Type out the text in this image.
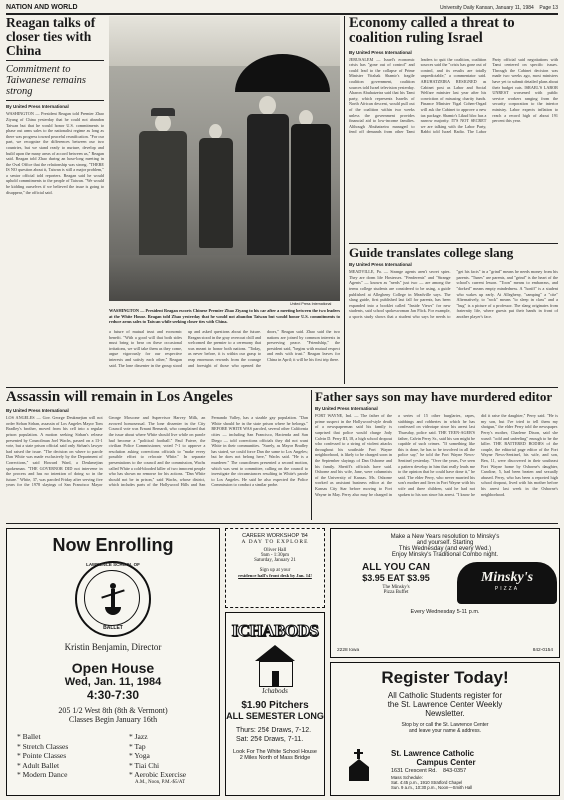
NATION AND WORLD	University Daily Kansan, January 11, 1984 Page 13
Reagan talks of closer ties with China
Commitment to Taiwanese remains strong
By United Press International
WASHINGTON — President Reagan told Premier Zhao Ziyang of China yesterday that he could not abandon Taiwan but that he would honor U.S. commitments to phase out arms sales to the nationalist regime as long as there was progress toward peaceful reunification. "For our part, we recognize the differences between our two countries, but we stand ready to nurture, develop and build upon the many areas of accord between us," Reagan said. Reagan told Zhao during an hour-long meeting in the Oval Office that the relationship was strong. "THERE IS NO question about it, Taiwan is still a major problem," a senior official told reporters. Reagan said he would uphold commitments to the people of Taiwan. "We would be kidding ourselves if we believed the issue is going to disappear," the official said.
United Press International
WASHINGTON — President Reagan escorts Chinese Premier Zhao Ziyang to his car after a meeting between the two leaders at the White House. Reagan told Zhao yesterday that he would not abandon Taiwan but would honor U.S. commitments to reduce arms sales to Taiwan while seeking closer ties with China.
a future of mutual trust and economic benefit. "With a good will that both sides must bring to bear on these occasional irritations, we will take them as they come, argue vigorously for our respective interests and satisfy each other," Reagan said. The lone dissenter in the group stood up and asked questions about the future. Reagan stood in the gray overcoat chill and welcomed the premier to a ceremony that was meant to honor both nations. "Today, as never before, it is within our grasp to reap enormous rewards from the courage and foresight of those who opened the doors," Reagan said. Zhao said the two nations are joined by common interests in preserving peace. "Friendship," the president said, "begins with mutual respect and ends with trust." Reagan leaves for China in April; it will be his first trip there.
Economy called a threat to coalition ruling Israel
By United Press International
JERUSALEM — Israel's economic crisis has "gone out of control" and could lead to the collapse of Prime Minister Yitzhak Shamir's fragile coalition government, coalition sources told Israel television yesterday. Aharon Abuhatzeira said that his Tami party, which represents Israelis of North African descent, would pull out of the coalition within two weeks unless the government provides financial aid to low-income families. Although Abuhatzeira managed to fend off demands from other Tami leaders to quit the coalition, coalition sources said the "crisis has gone out of control, and its results are totally unpredictable," a commentator said. ABUHATZEIRA RESIGNED as Cabinet post as Labor and Social Welfare minister last year after his conviction of misusing charity funds. Finance Minister Yigal Cohen-Orgad will ask the Cabinet to approve a new tax package. Shamir's Likud bloc has a narrow majority. IT'S NOT SECRET we are talking with the Labor Party, Rabbi told Israel Radio. The Labor Party official said negotiations with Tami centered on specific issues. Through the Cabinet decision was made two weeks ago, most ministers have yet to submit detailed plans about their budget cuts. ISRAEL'S LABOR UNREST worsened with public service workers ranging from the security corporation to the interior ministry. Labor expects inflation to reach a record high of about 191 percent this year.
Guide translates college slang
By United Press International
MEADVILLE, Pa. — Strange agents aren't secret spies. They are dorm life Hostesses. "Fenderents" and "Strange Agents" — known as "nerds" just two — are among the terms college students are considered to be using, a guide published at Allegheny College in Meadville says. The slang guide, first published last fall for parents, has been expanded into a booklet called "Inside Views" for new students, said school spokeswoman Jan Flick. For example, a sports study shows that a student who says he needs to "get his facts" in a "grind" means he needs money from his parents. "Tunes" are parents, and "grind" is the heart of the school's current lesson. "Toon" means to embarrass, and "dorked" means empty mindedness. A "horiff" is a student who wakes up early. At Allegheny, "camping" a "cite" Alternatively, to "rock" means "to sleep in class" and a "bug" is a picture of a professor. The slang originates from fraternity life, where guests put their hands in front of another player's face.
Assassin will remain in Los Angeles
By United Press International
LOS ANGELES — Gov. George Deukmejian will not order Sirhan Sirhan, assassin of Los Angeles Mayor Tom Bradley's brother, moved from his cell into a regular prison population. A motion seeking Sirhan's release presented by Councilman Joel Wachs, passed on a 13-1 vote, but a state prison official said only Sirhan's lawyer had raised the issue. "The decision on where to parole Dan White was made exclusively by the Department of Corrections," said Howard Ward, a Deukmejian spokesman. "THE GOVERNOR DID not intervene in the process and has no intention of doing so in the future." White, 37, was paroled Friday after serving five years for the 1978 slayings of San Francisco Mayor George Moscone and Supervisor Harvey Milk, an avowed homosexual. The lone dissenter in the City Council vote was Ernani Bernardi, who complained that the issue about where White should live while on parole had become a "political football." Paul Faivre, the civilian Police Commissioner, voted 7-1 to approve a resolution asking corrections officials to "make every possible effort to relocate White." In separate presentations to the council and the commission, Wachs called White a cold-blooded killer of two innocent people who has shown no remorse for his actions. "Dan White should not be in prison," said Wachs, whose district, which includes parts of the Hollywood Hills and San Fernando Valley, has a sizable gay population. "Dan White should be in the state prison where he belongs." BEFORE WHITE WAS paroled, several other California cities — including San Francisco, Hacienda and San Diego — told corrections officials they did not want White in their communities. "Surely, as Mayor Bradley has stated, we could force Dan the same to Los Angeles; but he does not belong here," Wachs said. "He is a murderer." The councilmen presented a second motion, which was sent to committee, calling on the council to investigate the circumstances resulting in White's parole to Los Angeles. He said he also expected the Police Commission to conduct a similar probe.
Father says son may have murdered editor
By United Press International
FORT WAYNE, Ind. — The father of the prime suspect in the Hollywood-style death of a newspaperman said his family is surprised that police would charge Jody Calvin D. Perry III, 18, a high school dropout who confessed to a string of violent attacks throughout his southside Fort Wayne neighborhood, is likely to be charged soon in the September slayings of Dan Osborne and his family. Sheriff's officials have said. Osborne and his wife, Jane, were columnists of the University of Kansas. Ms. Osborne worked as assistant business editor at the Kansas City Star before moving to Fort Wayne in May. Perry also may be charged in a series of 15 other burglaries, rapes, stabbings and robberies in which he has confessed on videotape since his arrest last Thursday, police said. THE TEEN-AGER'S father, Calvin Perry Sr., said his son might be capable of such crimes. "If something like this is done, he has to be involved in all the police say," he told the Fort Wayne News-Sentinel yesterday. "Over the years, I've seen a pattern develop in him that really leads me to the opinion that he could have done it," he said. The elder Perry, who never married his son's mother and lives in Fort Wayne with his wife and three children, said he had not spoken to his son since his arrest. "I know he did it raise the daughter," Perry said. "He is my son, but I've tried to tell them my shotgun," the elder Perry told the newspaper. Perry's mother, Charlene Dixon, said she wasn't "cold and unfeeling" enough to be the killer. THE BATTERED BODIES of the couple, the editorial page editor of the Fort Wayne News-Sentinel, his wife, and son, Ben, 11, were discovered in their southeast Fort Wayne home by Osborne's daughter, Caroline, 5, had been beaten and sexually abused. Perry, who has been a reported high school dropout, lived with his mother before his arrest last week in the Osborne's neighborhood.
Now Enrolling
LAWRENCE SCHOOL OF
BALLET
Kristin Benjamin, Director
Open House
Wed, Jan. 11, 1984
4:30-7:30
205 1/2 West 8th (8th & Vermont)
Classes Begin January 16th
* Ballet
* Stretch Classes
* Pointe Classes
* Adult Ballet
* Modern Dance
* Jazz
* Tap
* Yoga
* Tiai Chi
* Aerobic Exercise
A.M., Noon, P.M.-$5/AT
CAREER WORKSHOP '84
A DAY TO EXPLORE
Oliver Hall
9am - 1:30pm
Saturday, January 21
Sign up at your
residence hall's front desk by Jan. 14!
ICHABODS
Ichabods
$1.90 Pitchers
ALL SEMESTER LONG
Thurs: 25¢ Draws, 7-12.
Sat: 25¢ Draws, 7-11.
Look For The White School House
2 Miles North of Mass Bridge
Make a New Years resolution to Minsky's
and yourself. Starting
This Wednesday (and every Wed.)
Enjoy Minsky's Traditional Combo night.
ALL YOU CAN
$3.95 EAT $3.95
The Minsky's
Pizza Buffet
Minsky's
PIZZA
Every Wednesday 5-11 p.m.
2228 Iowa	842-0154
Register Today!
All Catholic Students register for
the St. Lawrence Center Weekly
Newsletter.
Stop by or call the St. Lawrence Center
and leave your name & address.
St. Lawrence Catholic
Campus Center
1631 Crescent Rd. 843-0357
Mass Schedule:
Sat. 4:45 p.m., 1910 Stratford Chapel
Sun. 9 a.m., 10:30 p.m., Noon—Smith Hall
